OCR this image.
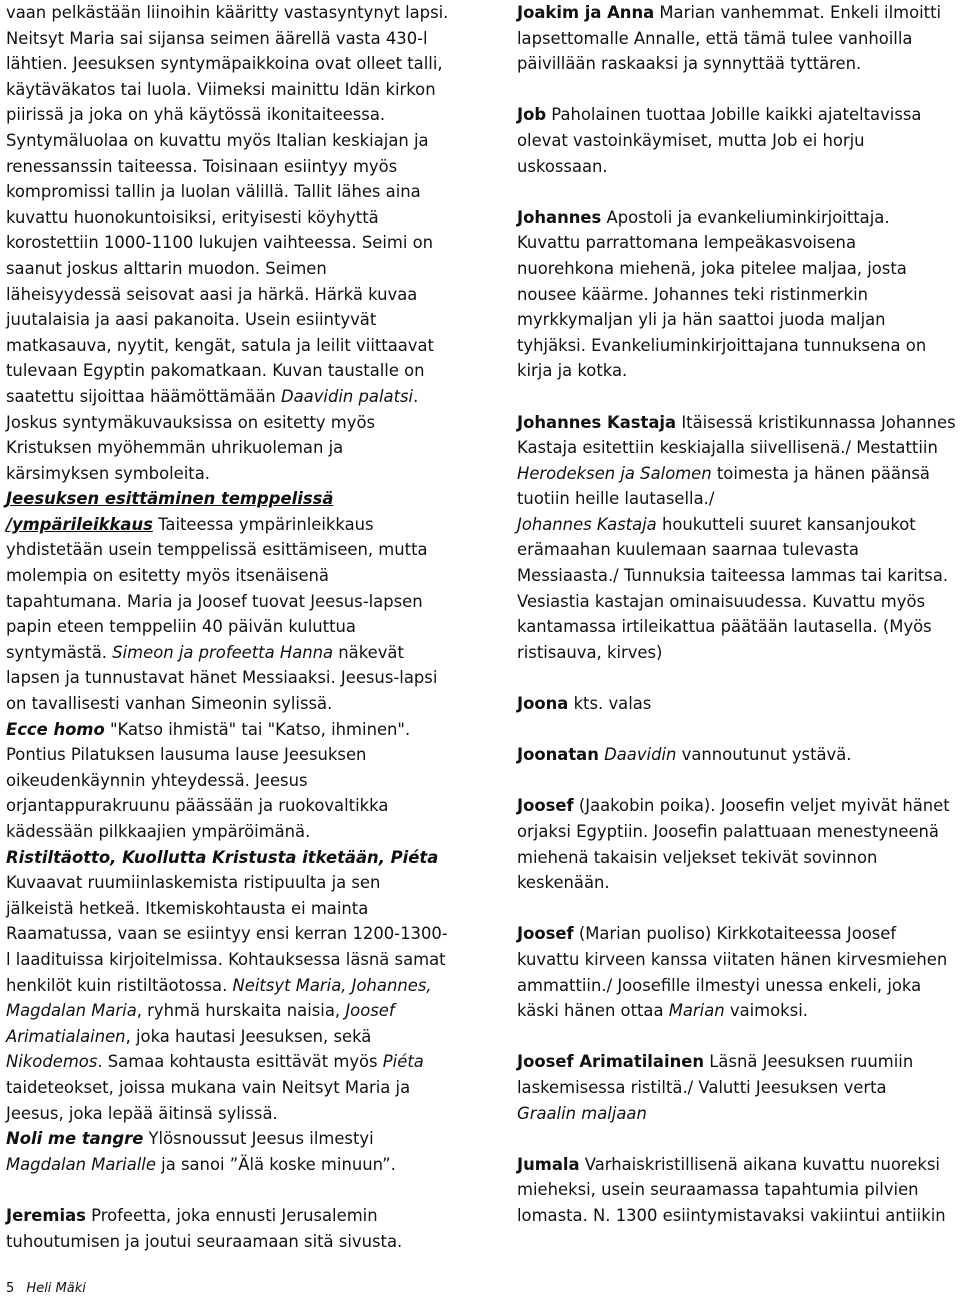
vaan pelkästään liinoihin kääritty vastasyntynyt lapsi.

Neitsyt Maria sai sijansa seimen äärellä vasta 430-l

lähtien. Jeesuksen syntymäpaikkoina ovat olleet talli,

käytäväkatos tai luola. Viimeksi mainittu Idän kirkon

piirissä ja joka on yhä käytössä ikonitaiteessa.

Syntymäluolaa on kuvattu myös Italian keskiajan ja

renessanssin taiteessa. Toisinaan esiintyy myös

kompromissi tallin ja luolan välillä. Tallit lähes aina

kuvattu huonokuntoisiksi, erityisesti köyhyttä

korostettiin 1000-1100 lukujen vaihteessa. Seimi on

saanut joskus alttarin muodon. Seimen

läheisyydessä seisovat aasi ja härkä. Härkä kuvaa

juutalaisia ja aasi pakanoita. Usein esiintyvät

matkasauva, nyytit, kengät, satula ja leilit viittaavat

tulevaan Egyptin pakomatkaan. Kuvan taustalle on

saatettu sijoittaa häämöttämään Daavidin palatsi.

Joskus syntymäkuvauksissa on esitetty myös

Kristuksen myöhemmän uhrikuoleman ja

kärsimyksen symboleita.

Jeesuksen esittäminen temppelissä

/ympärileikkaus Taiteessa ympärinleikkaus

yhdistetään usein temppelissä esittämiseen, mutta

molempia on esitetty myös itsenäisenä

tapahtumana. Maria ja Joosef tuovat Jeesus-lapsen

papin eteen temppeliin 40 päivän kuluttua

syntymästä. Simeon ja profeetta Hanna näkevät

lapsen ja tunnustavat hänet Messiaaksi. Jeesus-lapsi

on tavallisesti vanhan Simeonin sylissä.

Ecce homo "Katso ihmistä" tai "Katso, ihminen".

Pontius Pilatuksen lausuma lause Jeesuksen

oikeudenkäynnin yhteydessä. Jeesus

orjantappurakruunu päässään ja ruokovaltikka

kädessään pilkkaajien ympäröimänä.

Ristiltäotto, Kuollutta Kristusta itketään, Piéta

Kuvaavat ruumiinlaskemista ristipuulta ja sen

jälkeistä hetkeä. Itkemiskohtausta ei mainta

Raamatussa, vaan se esiintyy ensi kerran 1200-1300-

l laadituissa kirjoitelmissa. Kohtauksessa läsnä samat

henkilöt kuin ristiltäotossa. Neitsyt Maria, Johannes,

Magdalan Maria, ryhmä hurskaita naisia, Joosef

Arimatialainen, joka hautasi Jeesuksen, sekä

Nikodemos. Samaa kohtausta esittävät myös Piéta

taideteokset, joissa mukana vain Neitsyt Maria ja

Jeesus, joka lepää äitinsä sylissä.

Noli me tangre Ylösnoussut Jeesus ilmestyi

Magdalan Marialle ja sanoi ”Älä koske minuun”.

Jeremias Profeetta, joka ennusti Jerusalemin

tuhoutumisen ja joutui seuraamaan sitä sivusta.

Joakim ja Anna Marian vanhemmat. Enkeli ilmoitti

lapsettomalle Annalle, että tämä tulee vanhoilla

päivillään raskaaksi ja synnyttää tyttären.

Job Paholainen tuottaa Jobille kaikki ajateltavissa

olevat vastoinkäymiset, mutta Job ei horju

uskossaan.

Johannes Apostoli ja evankeliuminkirjoittaja.

Kuvattu parrattomana lempeäkasvoisena

nuorehkona miehenä, joka pitelee maljaa, josta

nousee käärme. Johannes teki ristinmerkin

myrkkymaljan yli ja hän saattoi juoda maljan

tyhjäksi. Evankeliuminkirjoittajana tunnuksena on

kirja ja kotka.

Johannes Kastaja Itäisessä kristikunnassa Johannes

Kastaja esitettiin keskiajalla siivellisenä./ Mestattiin

Herodeksen ja Salomen toimesta ja hänen päänsä

tuotiin heille lautasella./

Johannes Kastaja houkutteli suuret kansanjoukot

erämaahan kuulemaan saarnaa tulevasta

Messiaasta./ Tunnuksia taiteessa lammas tai karitsa.

Vesiastia kastajan ominaisuudessa. Kuvattu myös

kantamassa irtileikattua päätään lautasella. (Myös

ristisauva, kirves)

Joona kts. valas

Joonatan Daavidin vannoutunut ystävä.

Joosef (Jaakobin poika). Joosefin veljet myivät hänet

orjaksi Egyptiin. Joosefin palattuaan menestyneenä

miehenä takaisin veljekset tekivät sovinnon

keskenään.

Joosef (Marian puoliso) Kirkkotaiteessa Joosef

kuvattu kirveen kanssa viitaten hänen kirvesmiehen

ammattiin./ Joosefille ilmestyi unessa enkeli, joka

käski hänen ottaa Marian vaimoksi.

Joosef Arimatilainen Läsnä Jeesuksen ruumiin

laskemisessa ristiltä./ Valutti Jeesuksen verta

Graalin maljaan

Jumala Varhaiskristillisenä aikana kuvattu nuoreksi

mieheksi, usein seuraamassa tapahtumia pilvien

lomasta. N. 1300 esiintymistavaksi vakiintui antiikin

5 Heli Mäki
